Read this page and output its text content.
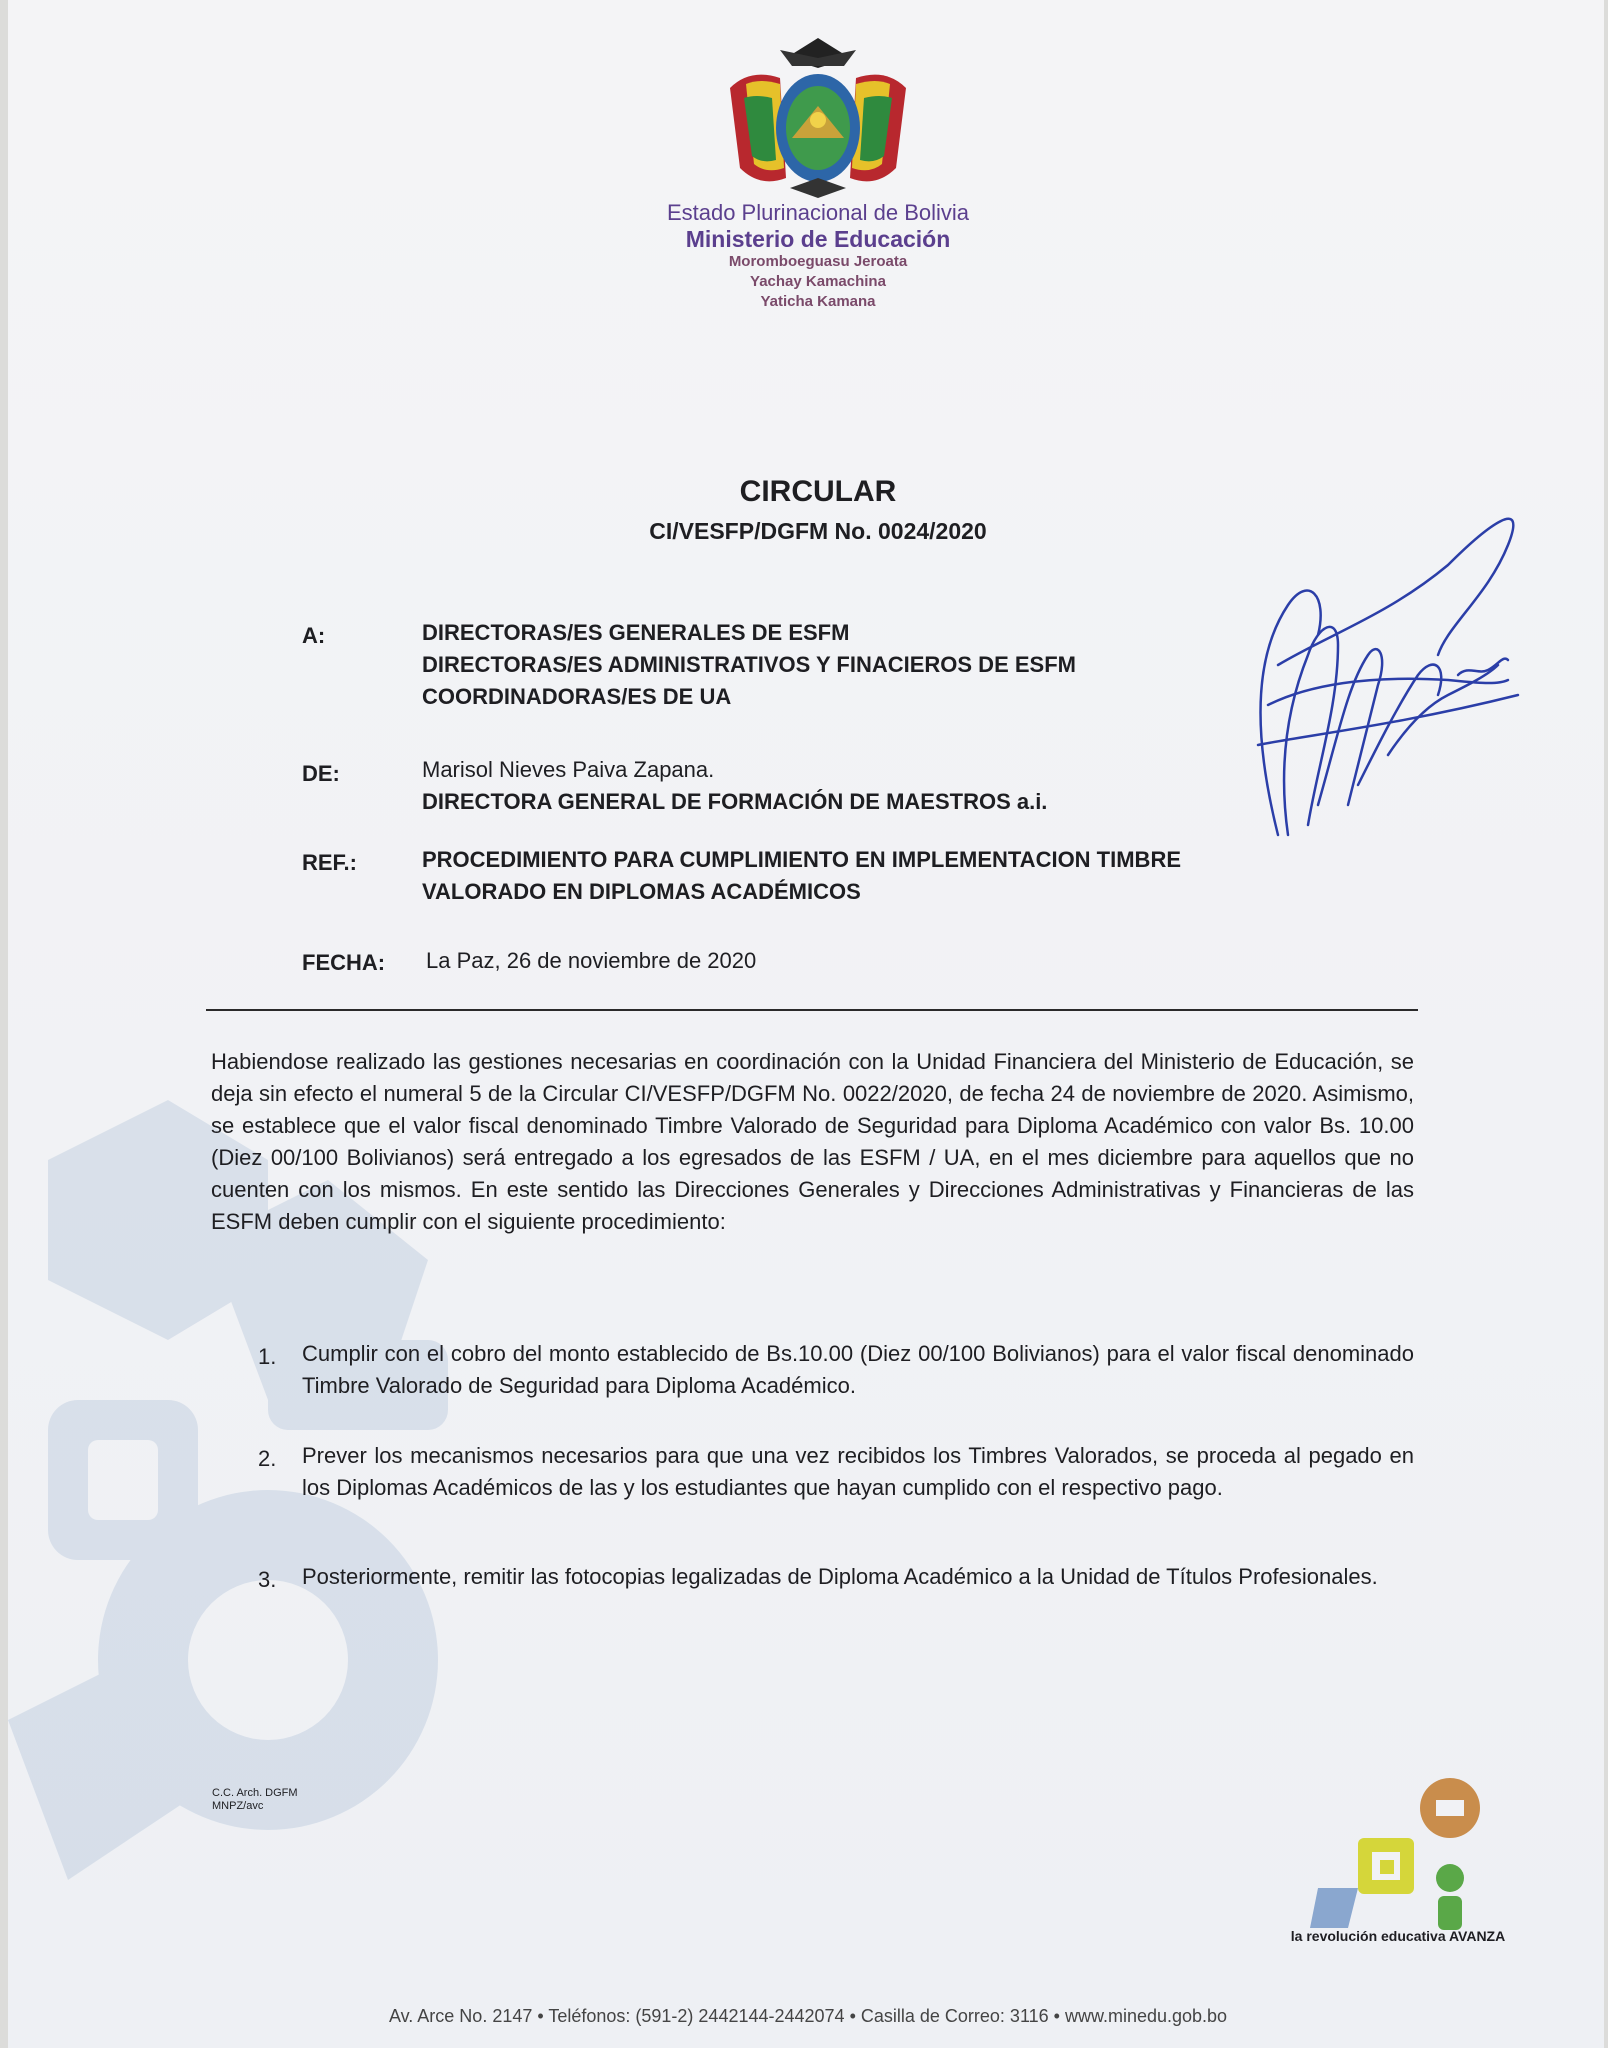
Estado Plurinacional de Bolivia
Ministerio de Educación
Moromboeguasu Jeroata
Yachay Kamachina
Yaticha Kamana
CIRCULAR
CI/VESFP/DGFM No. 0024/2020
A:	DIRECTORAS/ES GENERALES DE ESFM
DIRECTORAS/ES ADMINISTRATIVOS Y FINACIEROS DE ESFM
COORDINADORAS/ES DE UA
DE:	Marisol Nieves Paiva Zapana.
DIRECTORA GENERAL DE FORMACIÓN DE MAESTROS a.i.
REF.:	PROCEDIMIENTO PARA CUMPLIMIENTO EN IMPLEMENTACION TIMBRE
VALORADO EN DIPLOMAS ACADÉMICOS
FECHA: La Paz, 26 de noviembre de 2020
Habiendose realizado las gestiones necesarias en coordinación con la Unidad Financiera del Ministerio de Educación, se deja sin efecto el numeral 5 de la Circular CI/VESFP/DGFM No. 0022/2020, de fecha 24 de noviembre de 2020. Asimismo, se establece que el valor fiscal denominado Timbre Valorado de Seguridad para Diploma Académico con valor Bs. 10.00 (Diez 00/100 Bolivianos) será entregado a los egresados de las ESFM / UA, en el mes diciembre para aquellos que no cuenten con los mismos. En este sentido las Direcciones Generales y Direcciones Administrativas y Financieras de las ESFM deben cumplir con el siguiente procedimiento:
1. Cumplir con el cobro del monto establecido de Bs.10.00 (Diez 00/100 Bolivianos) para el valor fiscal denominado Timbre Valorado de Seguridad para Diploma Académico.
2. Prever los mecanismos necesarios para que una vez recibidos los Timbres Valorados, se proceda al pegado en los Diplomas Académicos de las y los estudiantes que hayan cumplido con el respectivo pago.
3. Posteriormente, remitir las fotocopias legalizadas de Diploma Académico a la Unidad de Títulos Profesionales.
C.C. Arch. DGFM
MNPZ/avc
la revolución educativa AVANZA
Av. Arce No. 2147 • Teléfonos: (591-2) 2442144-2442074 • Casilla de Correo: 3116 • www.minedu.gob.bo
